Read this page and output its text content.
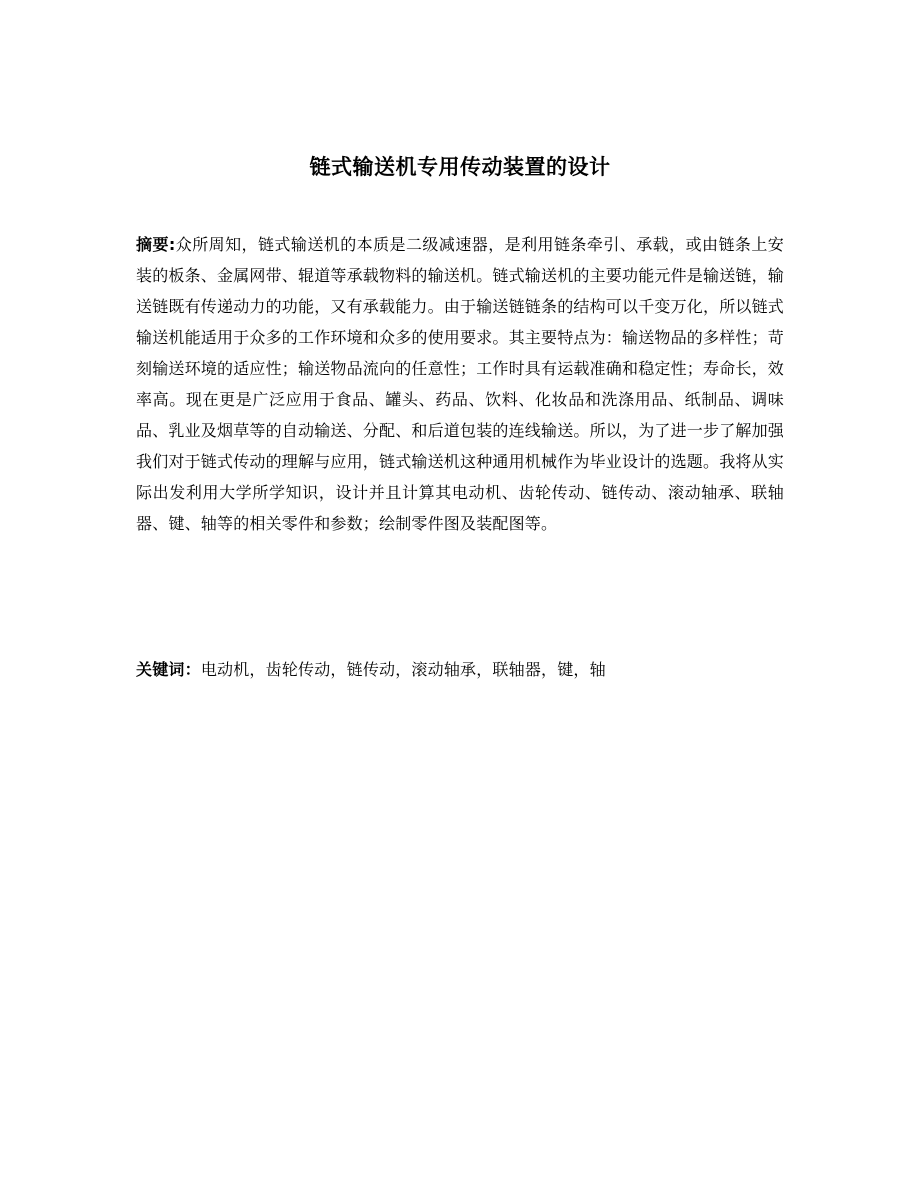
链式输送机专用传动装置的设计
摘要:众所周知，链式输送机的本质是二级减速器，是利用链条牵引、承载，或由链条上安装的板条、金属网带、辊道等承载物料的输送机。链式输送机的主要功能元件是输送链，输送链既有传递动力的功能，又有承载能力。由于输送链链条的结构可以千变万化，所以链式输送机能适用于众多的工作环境和众多的使用要求。其主要特点为：输送物品的多样性；苛刻输送环境的适应性；输送物品流向的任意性；工作时具有运载准确和稳定性；寿命长，效率高。现在更是广泛应用于食品、罐头、药品、饮料、化妆品和洗涤用品、纸制品、调味品、乳业及烟草等的自动输送、分配、和后道包装的连线输送。所以，为了进一步了解加强我们对于链式传动的理解与应用，链式输送机这种通用机械作为毕业设计的选题。我将从实际出发利用大学所学知识，设计并且计算其电动机、齿轮传动、链传动、滚动轴承、联轴器、键、轴等的相关零件和参数；绘制零件图及装配图等。
关键词：电动机，齿轮传动，链传动，滚动轴承，联轴器，键，轴
